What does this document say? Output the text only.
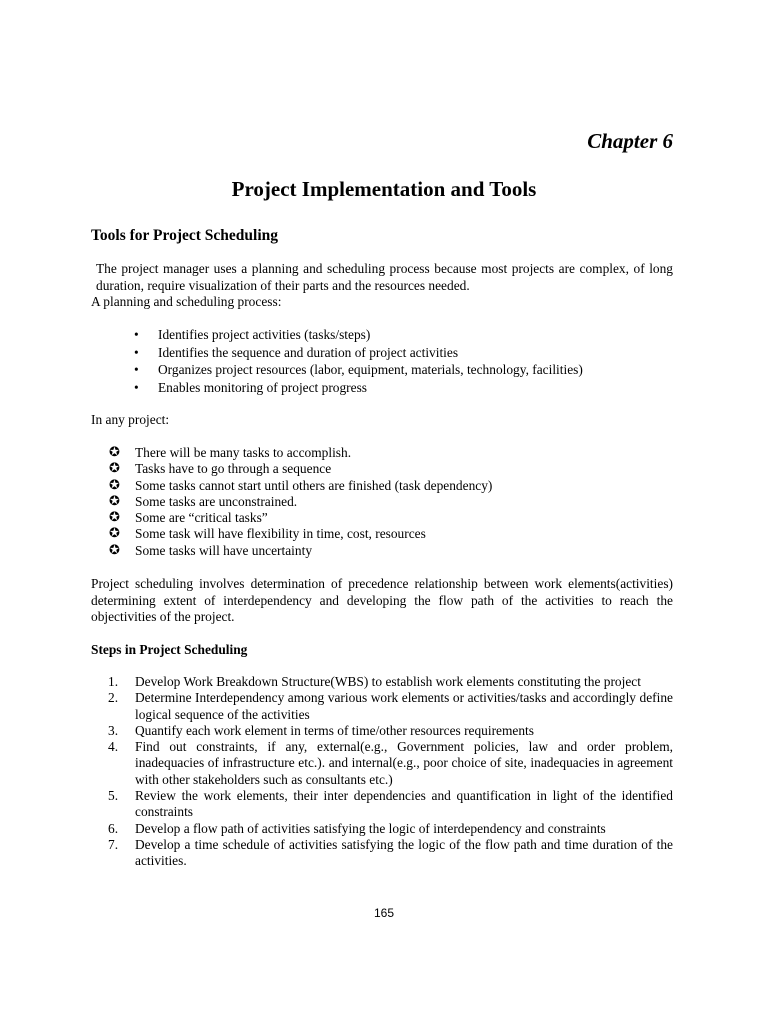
Chapter 6
Project Implementation and Tools
Tools for Project Scheduling
The project manager uses a planning and scheduling process because most projects are complex, of long duration, require visualization of their parts and the resources needed.
A planning and scheduling process:
• Identifies project activities (tasks/steps)
• Identifies the sequence and duration of project activities
• Organizes project resources (labor, equipment, materials, technology, facilities)
• Enables monitoring of project progress
In any project:
✪ There will be many tasks to accomplish.
✪ Tasks have to go through a sequence
✪ Some tasks cannot start until others are finished (task dependency)
✪ Some tasks are unconstrained.
✪ Some are “critical tasks”
✪ Some task will have flexibility in time, cost, resources
✪ Some tasks will have uncertainty
Project scheduling involves determination of precedence relationship between work elements(activities) determining extent of interdependency and developing the flow path of the activities to reach the objectivities of the project.
Steps in Project Scheduling
1. Develop Work Breakdown Structure(WBS) to establish work elements constituting the project
2. Determine Interdependency among various work elements or activities/tasks and accordingly define logical sequence of the activities
3. Quantify each work element in terms of time/other resources requirements
4. Find out constraints, if any, external(e.g., Government policies, law and order problem, inadequacies of infrastructure etc.). and internal(e.g., poor choice of site, inadequacies in agreement with other stakeholders such as consultants etc.)
5. Review the work elements, their inter dependencies and quantification in light of the identified constraints
6. Develop a flow path of activities satisfying the logic of interdependency and constraints
7. Develop a time schedule of activities satisfying the logic of the flow path and time duration of the activities.
165
